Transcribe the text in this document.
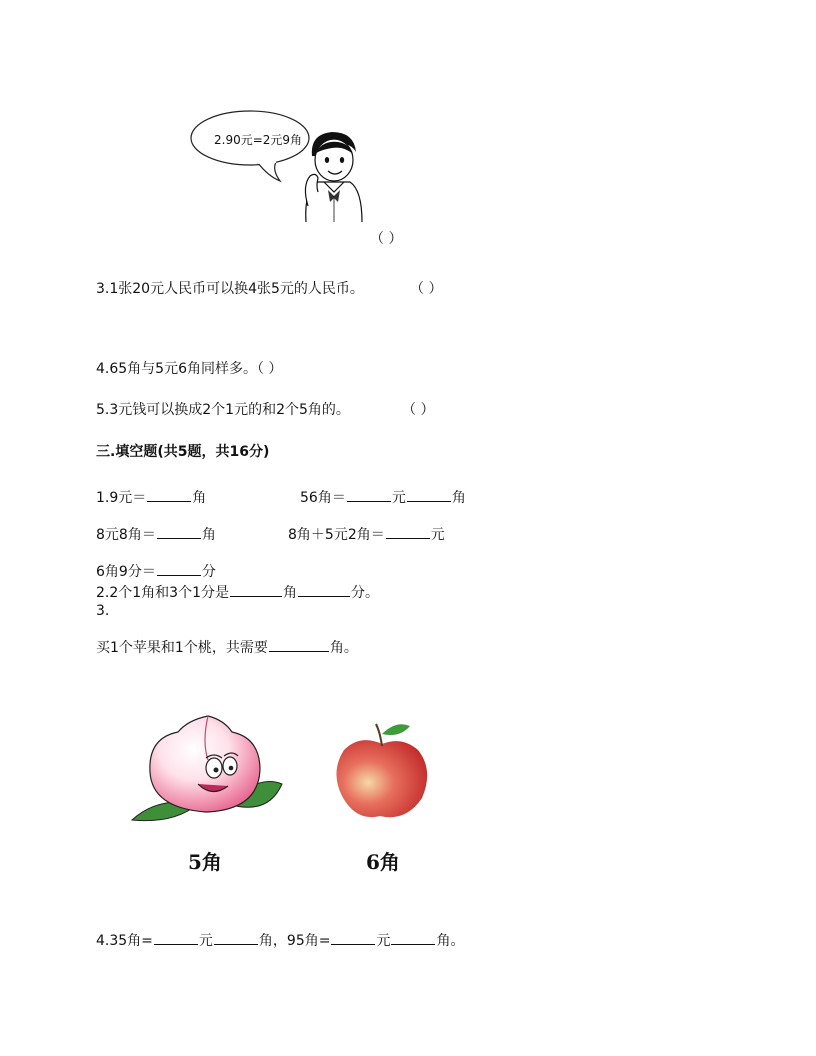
2.90元=2元9角
（ ）
3.1张20元人民币可以换4张5元的人民币。	（ ）
4.65角与5元6角同样多。（ ）
5.3元钱可以换成2个1元的和2个5角的。	（ ）
三.填空题(共5题，共16分)
1.9元＝	角	56角＝	元	角
8元8角＝	角	8角＋5元2角＝	元
6角9分＝	分
2.2个1角和3个1分是	角	分。
3.
买1个苹果和1个桃，共需要	角。
5角	6角
4.35角=	元	角，95角=	元	角。
